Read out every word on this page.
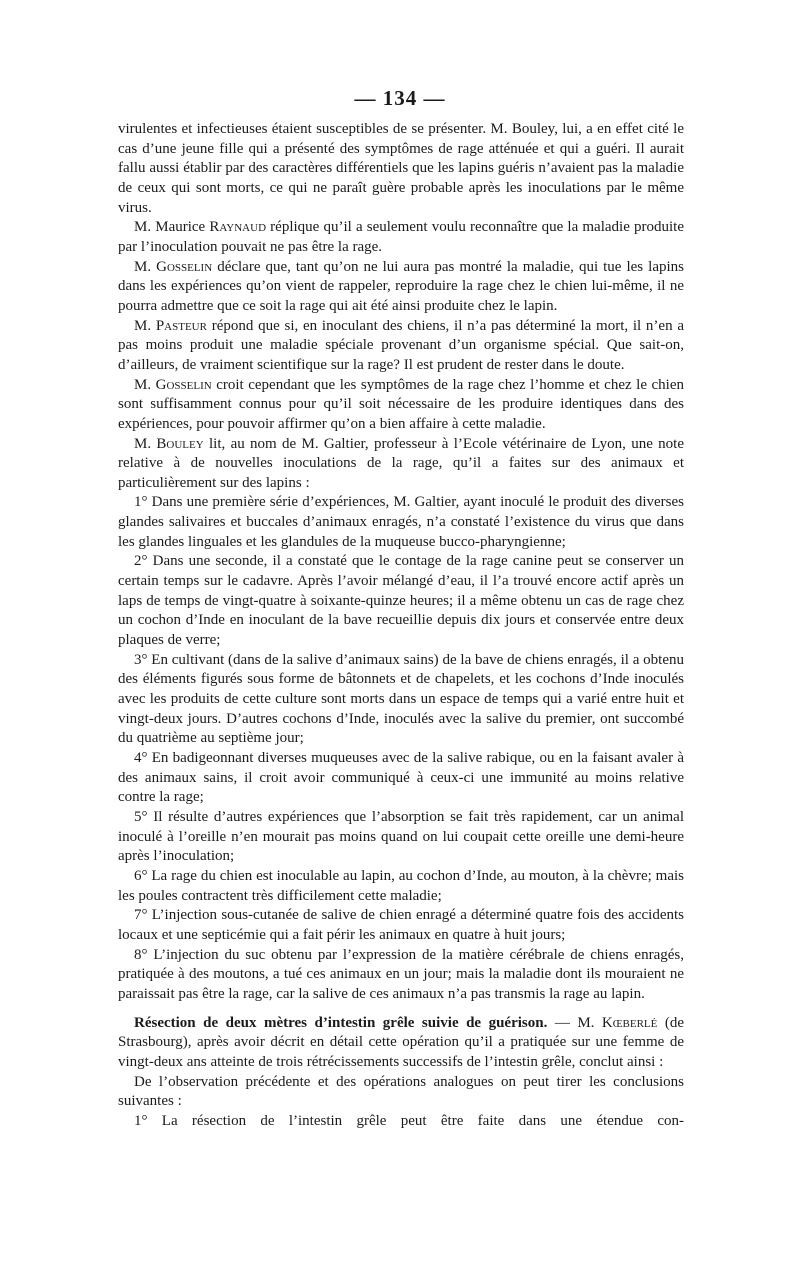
— 134 —

virulentes et infectieuses étaient susceptibles de se présenter. M. Bouley, lui, a en effet cité le cas d’une jeune fille qui a présenté des symptômes de rage atténuée et qui a guéri. Il aurait fallu aussi établir par des caractères différentiels que les lapins guéris n’avaient pas la maladie de ceux qui sont morts, ce qui ne paraît guère probable après les inoculations par le même virus.

M. Maurice Raynaud réplique qu’il a seulement voulu reconnaître que la maladie produite par l’inoculation pouvait ne pas être la rage.

M. Gosselin déclare que, tant qu’on ne lui aura pas montré la maladie, qui tue les lapins dans les expériences qu’on vient de rappeler, reproduire la rage chez le chien lui-même, il ne pourra admettre que ce soit la rage qui ait été ainsi produite chez le lapin.

M. Pasteur répond que si, en inoculant des chiens, il n’a pas déterminé la mort, il n’en a pas moins produit une maladie spéciale provenant d’un organisme spécial. Que sait-on, d’ailleurs, de vraiment scientifique sur la rage? Il est prudent de rester dans le doute.

M. Gosselin croit cependant que les symptômes de la rage chez l’homme et chez le chien sont suffisamment connus pour qu’il soit nécessaire de les produire identiques dans des expériences, pour pouvoir affirmer qu’on a bien affaire à cette maladie.

M. Bouley lit, au nom de M. Galtier, professeur à l’Ecole vétérinaire de Lyon, une note relative à de nouvelles inoculations de la rage, qu’il a faites sur des animaux et particulièrement sur des lapins :

1° Dans une première série d’expériences, M. Galtier, ayant inoculé le produit des diverses glandes salivaires et buccales d’animaux enragés, n’a constaté l’existence du virus que dans les glandes linguales et les glandules de la muqueuse bucco-pharyngienne;

2° Dans une seconde, il a constaté que le contage de la rage canine peut se conserver un certain temps sur le cadavre. Après l’avoir mélangé d’eau, il l’a trouvé encore actif après un laps de temps de vingt-quatre à soixante-quinze heures; il a même obtenu un cas de rage chez un cochon d’Inde en inoculant de la bave recueillie depuis dix jours et conservée entre deux plaques de verre;

3° En cultivant (dans de la salive d’animaux sains) de la bave de chiens enragés, il a obtenu des éléments figurés sous forme de bâtonnets et de chapelets, et les cochons d’Inde inoculés avec les produits de cette culture sont morts dans un espace de temps qui a varié entre huit et vingt-deux jours. D’autres cochons d’Inde, inoculés avec la salive du premier, ont succombé du quatrième au septième jour;

4° En badigeonnant diverses muqueuses avec de la salive rabique, ou en la faisant avaler à des animaux sains, il croit avoir communiqué à ceux-ci une immunité au moins relative contre la rage;

5° Il résulte d’autres expériences que l’absorption se fait très rapidement, car un animal inoculé à l’oreille n’en mourait pas moins quand on lui coupait cette oreille une demi-heure après l’inoculation;

6° La rage du chien est inoculable au lapin, au cochon d’Inde, au mouton, à la chèvre; mais les poules contractent très difficilement cette maladie;

7° L’injection sous-cutanée de salive de chien enragé a déterminé quatre fois des accidents locaux et une septicémie qui a fait périr les animaux en quatre à huit jours;

8° L’injection du suc obtenu par l’expression de la matière cérébrale de chiens enragés, pratiquée à des moutons, a tué ces animaux en un jour; mais la maladie dont ils mouraient ne paraissait pas être la rage, car la salive de ces animaux n’a pas transmis la rage au lapin.

Résection de deux mètres d’intestin grêle suivie de guérison. — M. Kœberlé (de Strasbourg), après avoir décrit en détail cette opération qu’il a pratiquée sur une femme de vingt-deux ans atteinte de trois rétrécissements successifs de l’intestin grêle, conclut ainsi :

De l’observation précédente et des opérations analogues on peut tirer les conclusions suivantes :

1° La résection de l’intestin grêle peut être faite dans une étendue con-
